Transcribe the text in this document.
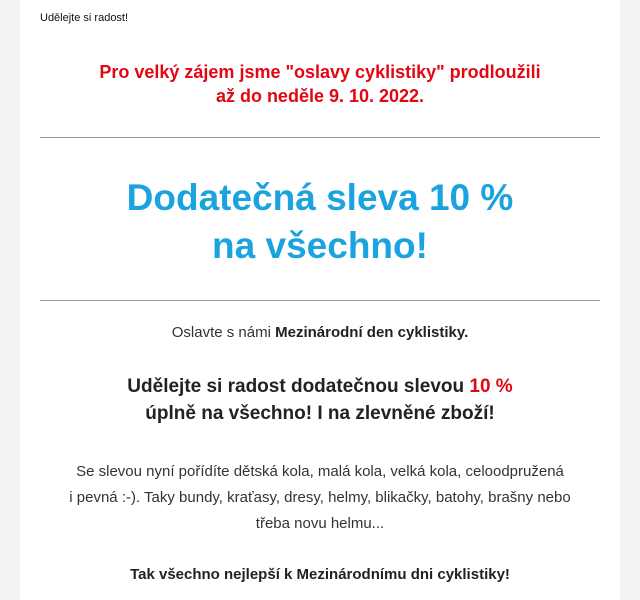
Udělejte si radost!
Pro velký zájem jsme "oslavy cyklistiky" prodloužili
až do neděle 9. 10. 2022.
Dodatečná sleva 10 %
na všechno!
Oslavte s námi Mezinárodní den cyklistiky.
Udělejte si radost dodatečnou slevou 10 %
úplně na všechno! I na zlevněné zboží!
Se slevou nyní pořídíte dětská kola, malá kola, velká kola, celoodpružená
i pevná :-). Taky bundy, kraťasy, dresy, helmy, blikačky, batohy, brašny nebo
třeba novu helmu...
Tak všechno nejlepší k Mezinárodnímu dni cyklistiky!
